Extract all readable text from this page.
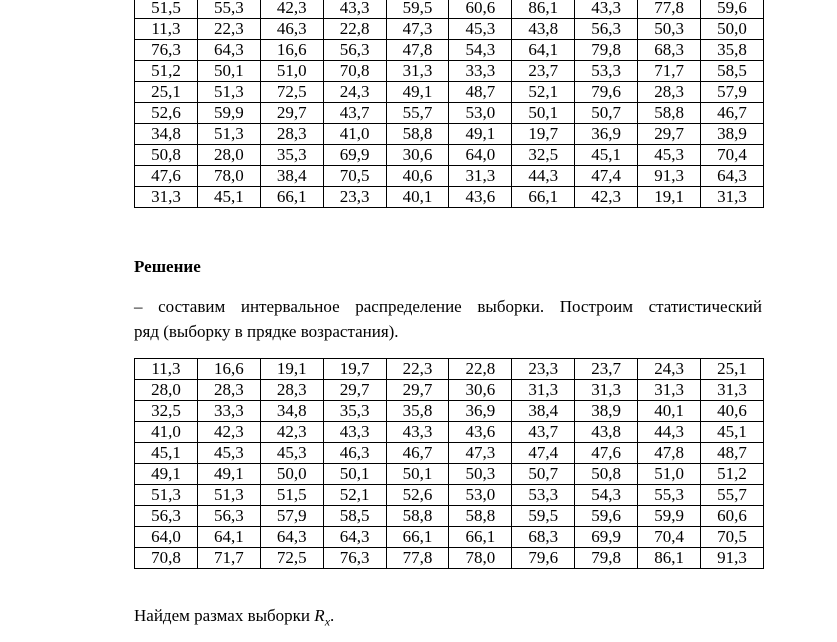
51,5	55,3	42,3	43,3	59,5	60,6	86,1	43,3	77,8	59,6
11,3	22,3	46,3	22,8	47,3	45,3	43,8	56,3	50,3	50,0
76,3	64,3	16,6	56,3	47,8	54,3	64,1	79,8	68,3	35,8
51,2	50,1	51,0	70,8	31,3	33,3	23,7	53,3	71,7	58,5
25,1	51,3	72,5	24,3	49,1	48,7	52,1	79,6	28,3	57,9
52,6	59,9	29,7	43,7	55,7	53,0	50,1	50,7	58,8	46,7
34,8	51,3	28,3	41,0	58,8	49,1	19,7	36,9	29,7	38,9
50,8	28,0	35,3	69,9	30,6	64,0	32,5	45,1	45,3	70,4
47,6	78,0	38,4	70,5	40,6	31,3	44,3	47,4	91,3	64,3
31,3	45,1	66,1	23,3	40,1	43,6	66,1	42,3	19,1	31,3
Решение
– составим интервальное распределение выборки. Построим статистический
ряд (выборку в прядке возрастания).
11,3	16,6	19,1	19,7	22,3	22,8	23,3	23,7	24,3	25,1
28,0	28,3	28,3	29,7	29,7	30,6	31,3	31,3	31,3	31,3
32,5	33,3	34,8	35,3	35,8	36,9	38,4	38,9	40,1	40,6
41,0	42,3	42,3	43,3	43,3	43,6	43,7	43,8	44,3	45,1
45,1	45,3	45,3	46,3	46,7	47,3	47,4	47,6	47,8	48,7
49,1	49,1	50,0	50,1	50,1	50,3	50,7	50,8	51,0	51,2
51,3	51,3	51,5	52,1	52,6	53,0	53,3	54,3	55,3	55,7
56,3	56,3	57,9	58,5	58,8	58,8	59,5	59,6	59,9	60,6
64,0	64,1	64,3	64,3	66,1	66,1	68,3	69,9	70,4	70,5
70,8	71,7	72,5	76,3	77,8	78,0	79,6	79,8	86,1	91,3
Найдем размах выборки $R_x$.
